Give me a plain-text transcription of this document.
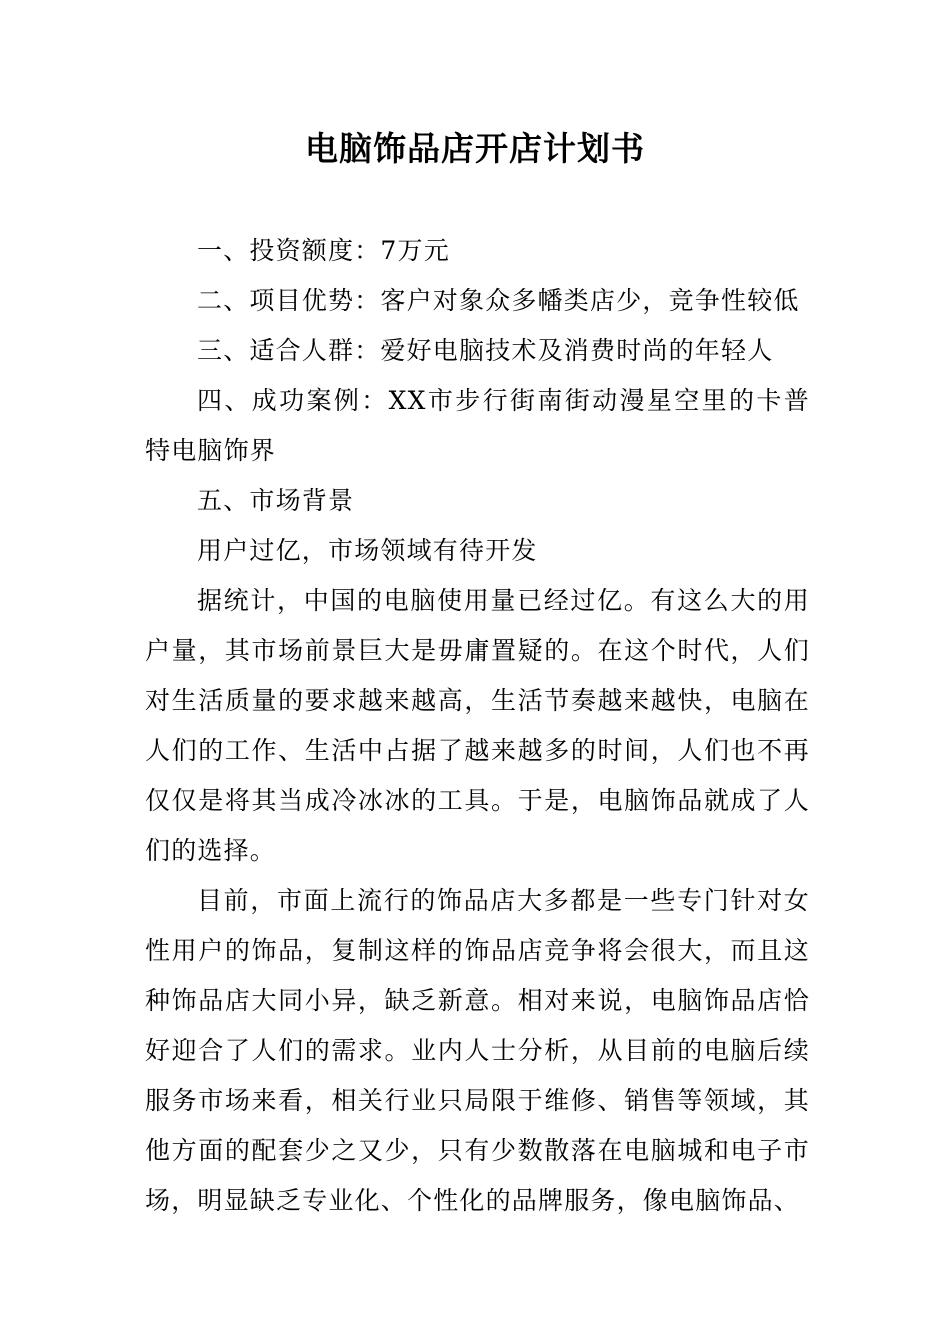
电脑饰品店开店计划书

一、投资额度：7万元

二、项目优势：客户对象众多幡类店少，竞争性较低

三、适合人群：爱好电脑技术及消费时尚的年轻人

四、成功案例：XX市步行街南街动漫星空里的卡普特电脑饰界

五、市场背景

用户过亿，市场领域有待开发

据统计，中国的电脑使用量已经过亿。有这么大的用户量，其市场前景巨大是毋庸置疑的。在这个时代，人们对生活质量的要求越来越高，生活节奏越来越快，电脑在人们的工作、生活中占据了越来越多的时间，人们也不再仅仅是将其当成冷冰冰的工具。于是，电脑饰品就成了人们的选择。

目前，市面上流行的饰品店大多都是一些专门针对女性用户的饰品，复制这样的饰品店竞争将会很大，而且这种饰品店大同小异，缺乏新意。相对来说，电脑饰品店恰好迎合了人们的需求。业内人士分析，从目前的电脑后续服务市场来看，相关行业只局限于维修、销售等领域，其他方面的配套少之又少，只有少数散落在电脑城和电子市场，明显缺乏专业化、个性化的品牌服务，像电脑饰品、
